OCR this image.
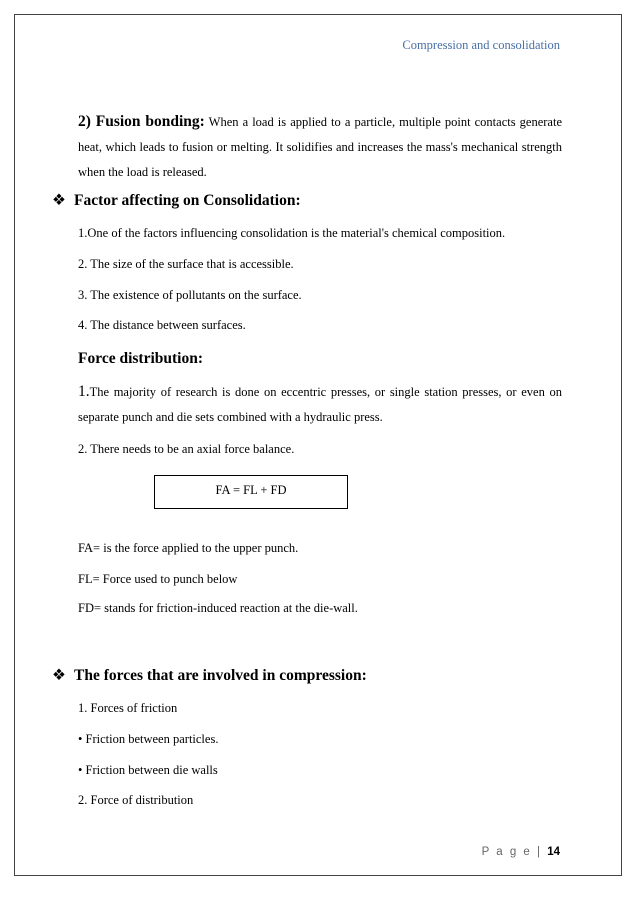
Compression and consolidation
2) Fusion bonding: When a load is applied to a particle, multiple point contacts generate heat, which leads to fusion or melting. It solidifies and increases the mass's mechanical strength when the load is released.
❖ Factor affecting on Consolidation:
1.One of the factors influencing consolidation is the material's chemical composition.
2. The size of the surface that is accessible.
3. The existence of pollutants on the surface.
4. The distance between surfaces.
Force distribution:
1.The majority of research is done on eccentric presses, or single station presses, or even on separate punch and die sets combined with a hydraulic press.
2. There needs to be an axial force balance.
FA = FL + FD
FA= is the force applied to the upper punch.
FL= Force used to punch below
FD= stands for friction-induced reaction at the die-wall.
❖ The forces that are involved in compression:
1. Forces of friction
• Friction between particles.
• Friction between die walls
2. Force of distribution
P a g e | 14
